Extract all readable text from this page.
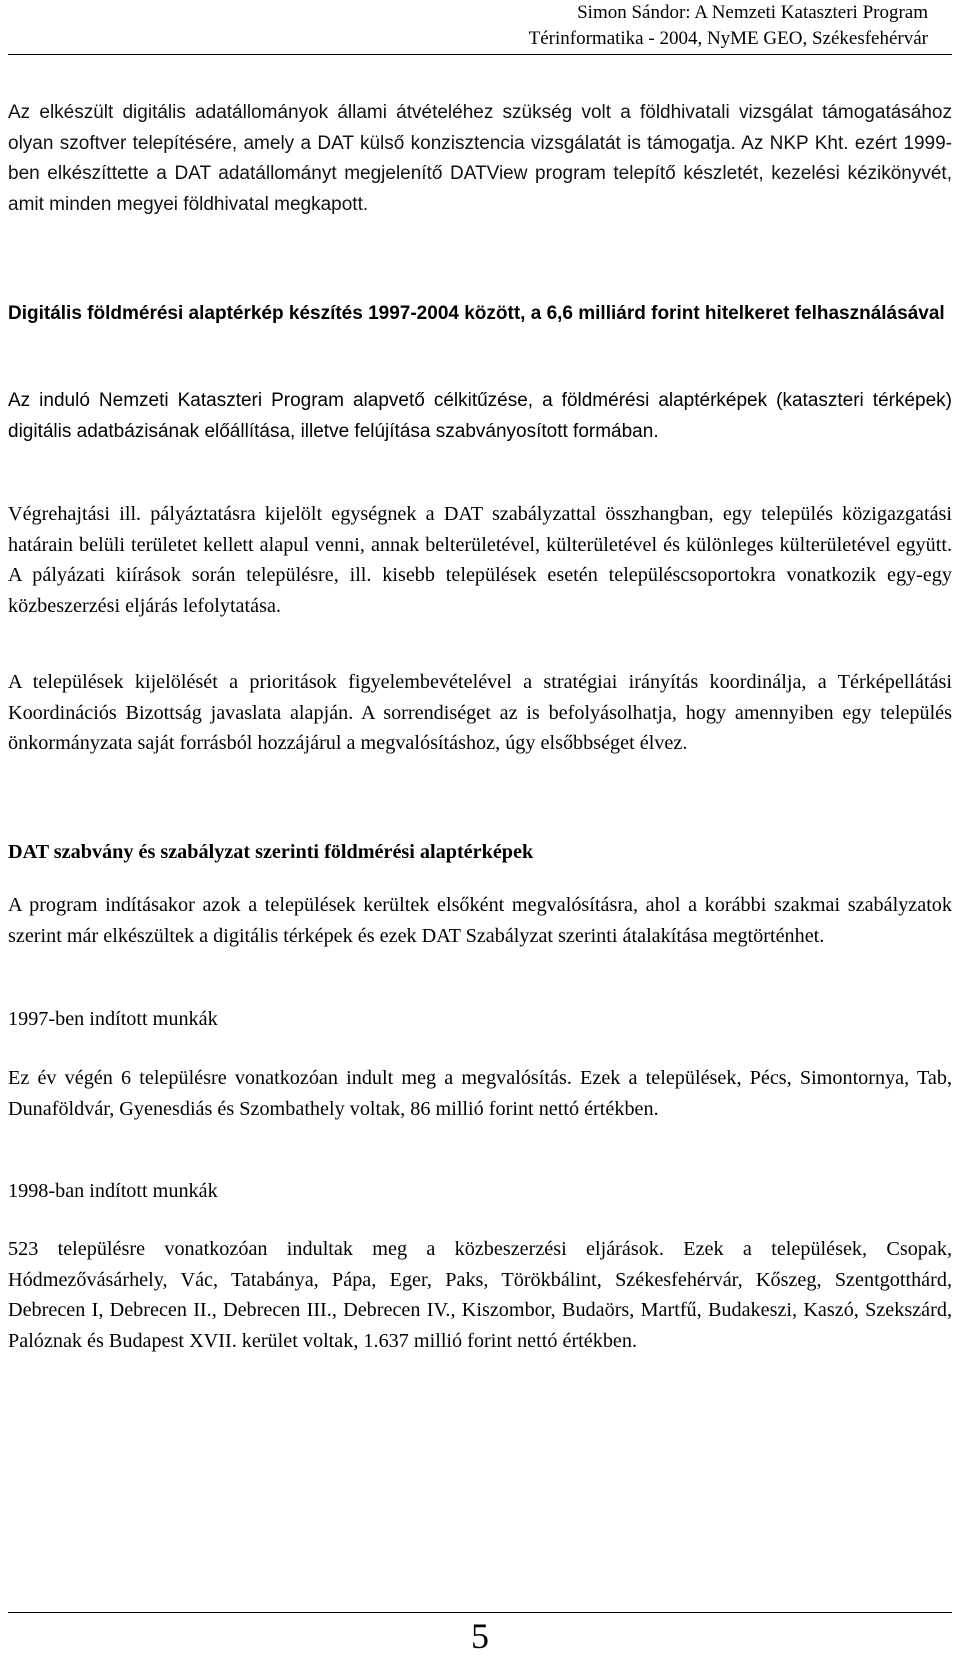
Simon Sándor: A Nemzeti Kataszteri Program
Térinformatika - 2004, NyME GEO, Székesfehérvár

Az elkészült digitális adatállományok állami átvételéhez szükség volt a földhivatali vizsgálat támogatásához olyan szoftver telepítésére, amely a DAT külső konzisztencia vizsgálatát is támogatja. Az NKP Kht. ezért 1999-ben elkészíttette a DAT adatállományt megjelenítő DATView program telepítő készletét, kezelési kézikönyvét, amit minden megyei földhivatal megkapott.

Digitális földmérési alaptérkép készítés 1997-2004 között, a 6,6 milliárd forint hitelkeret felhasználásával

Az induló Nemzeti Kataszteri Program alapvető célkitűzése, a földmérési alaptérképek (kataszteri térképek) digitális adatbázisának előállítása, illetve felújítása szabványosított formában.

Végrehajtási ill. pályáztatásra kijelölt egységnek a DAT szabályzattal összhangban, egy település közigazgatási határain belüli területet kellett alapul venni, annak belterületével, külterületével és különleges külterületével együtt. A pályázati kiírások során településre, ill. kisebb települések esetén településcsoportokra vonatkozik egy-egy közbeszerzési eljárás lefolytatása.

A települések kijelölését a prioritások figyelembevételével a stratégiai irányítás koordinálja, a Térképellátási Koordinációs Bizottság javaslata alapján. A sorrendiséget az is befolyásolhatja, hogy amennyiben egy település önkormányzata saját forrásból hozzájárul a megvalósításhoz, úgy elsőbbséget élvez.

DAT szabvány és szabályzat szerinti földmérési alaptérképek

A program indításakor azok a települések kerültek elsőként megvalósításra, ahol a korábbi szakmai szabályzatok szerint már elkészültek a digitális térképek és ezek DAT Szabályzat szerinti átalakítása megtörténhet.

1997-ben indított munkák

Ez év végén 6 településre vonatkozóan indult meg a megvalósítás. Ezek a települések, Pécs, Simontornya, Tab, Dunaföldvár, Gyenesdiás és Szombathely voltak, 86 millió forint nettó értékben.

1998-ban indított munkák

523 településre vonatkozóan indultak meg a közbeszerzési eljárások. Ezek a települések, Csopak, Hódmezővásárhely, Vác, Tatabánya, Pápa, Eger, Paks, Törökbálint, Székesfehérvár, Kőszeg, Szentgotthárd, Debrecen I, Debrecen II., Debrecen III., Debrecen IV., Kiszombor, Budaörs, Martfű, Budakeszi, Kaszó, Szekszárd, Palóznak és Budapest XVII. kerület voltak, 1.637 millió forint nettó értékben.

5
